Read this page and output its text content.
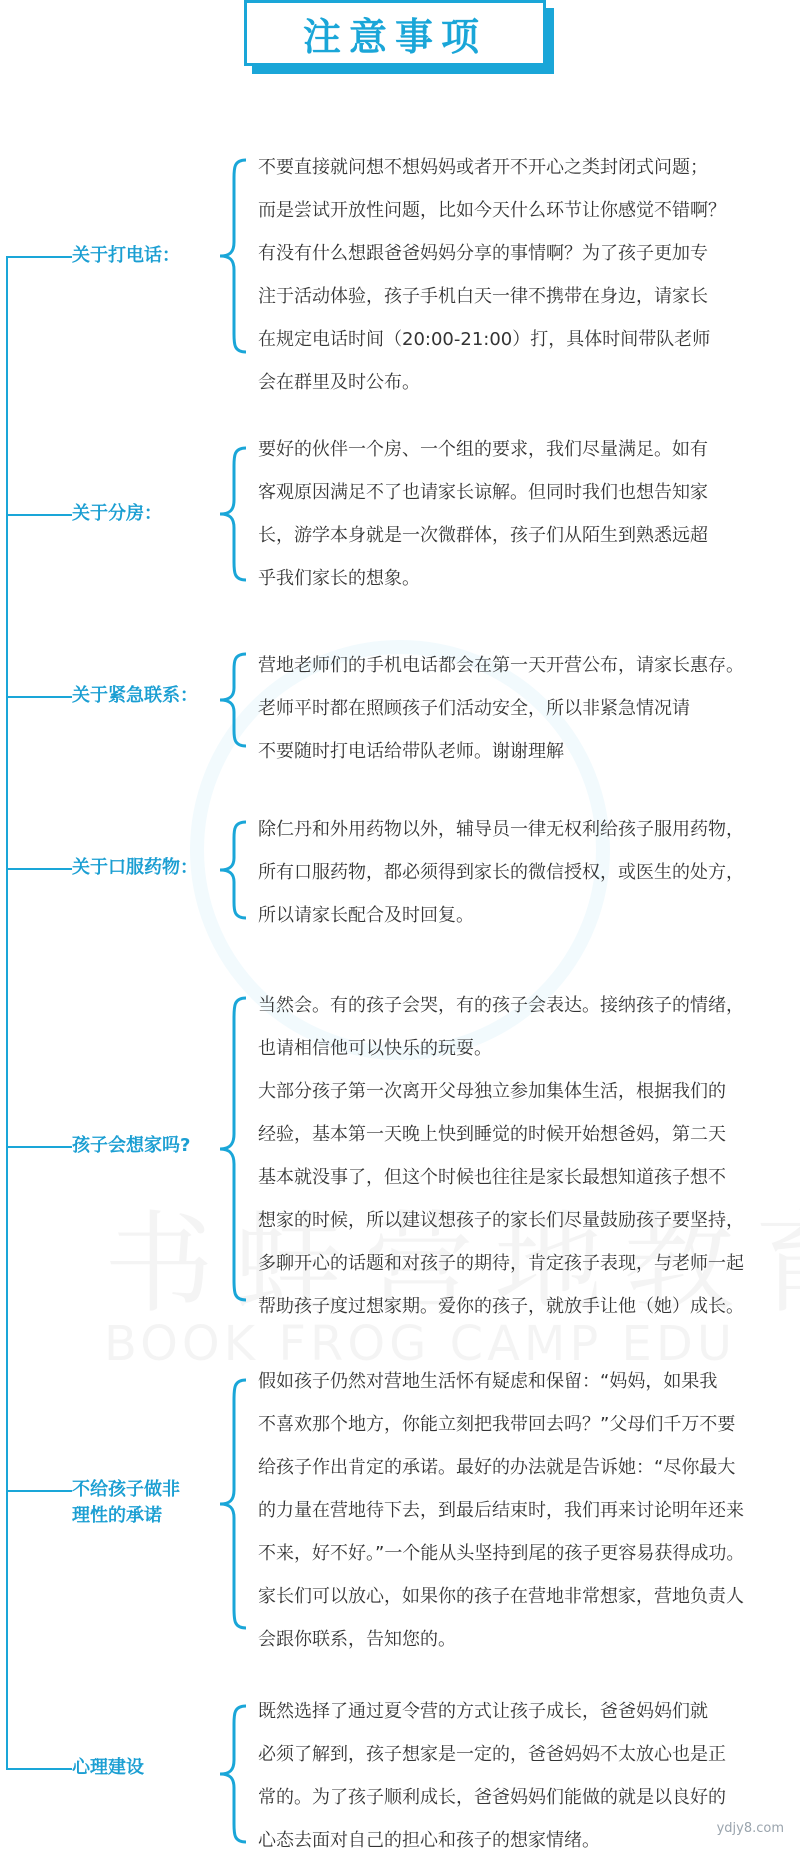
注意事项
关于打电话：

不要直接就问想不想妈妈或者开不开心之类封闭式问题；

而是尝试开放性问题，比如今天什么环节让你感觉不错啊？

有没有什么想跟爸爸妈妈分享的事情啊？为了孩子更加专

注于活动体验，孩子手机白天一律不携带在身边，请家长

在规定电话时间（20:00-21:00）打，具体时间带队老师

会在群里及时公布。

关于分房：

要好的伙伴一个房、一个组的要求，我们尽量满足。如有

客观原因满足不了也请家长谅解。但同时我们也想告知家

长，游学本身就是一次微群体，孩子们从陌生到熟悉远超

乎我们家长的想象。

关于紧急联系：

营地老师们的手机电话都会在第一天开营公布，请家长惠存。

老师平时都在照顾孩子们活动安全，所以非紧急情况请

不要随时打电话给带队老师。谢谢理解

关于口服药物：

除仁丹和外用药物以外，辅导员一律无权利给孩子服用药物，

所有口服药物，都必须得到家长的微信授权，或医生的处方，

所以请家长配合及时回复。

孩子会想家吗?

当然会。有的孩子会哭，有的孩子会表达。接纳孩子的情绪，

也请相信他可以快乐的玩耍。

大部分孩子第一次离开父母独立参加集体生活，根据我们的

经验，基本第一天晚上快到睡觉的时候开始想爸妈，第二天

基本就没事了，但这个时候也往往是家长最想知道孩子想不

想家的时候，所以建议想孩子的家长们尽量鼓励孩子要坚持，

多聊开心的话题和对孩子的期待，肯定孩子表现，与老师一起

帮助孩子度过想家期。爱你的孩子，就放手让他（她）成长。

不给孩子做非
理性的承诺

假如孩子仍然对营地生活怀有疑虑和保留：“妈妈，如果我

不喜欢那个地方，你能立刻把我带回去吗？”父母们千万不要

给孩子作出肯定的承诺。最好的办法就是告诉她：“尽你最大

的力量在营地待下去，到最后结束时，我们再来讨论明年还来

不来，好不好。”一个能从头坚持到尾的孩子更容易获得成功。

家长们可以放心，如果你的孩子在营地非常想家，营地负责人

会跟你联系，告知您的。

心理建设

既然选择了通过夏令营的方式让孩子成长，爸爸妈妈们就

必须了解到，孩子想家是一定的，爸爸妈妈不太放心也是正

常的。为了孩子顺利成长，爸爸妈妈们能做的就是以良好的

心态去面对自己的担心和孩子的想家情绪。

ydjy8.com
